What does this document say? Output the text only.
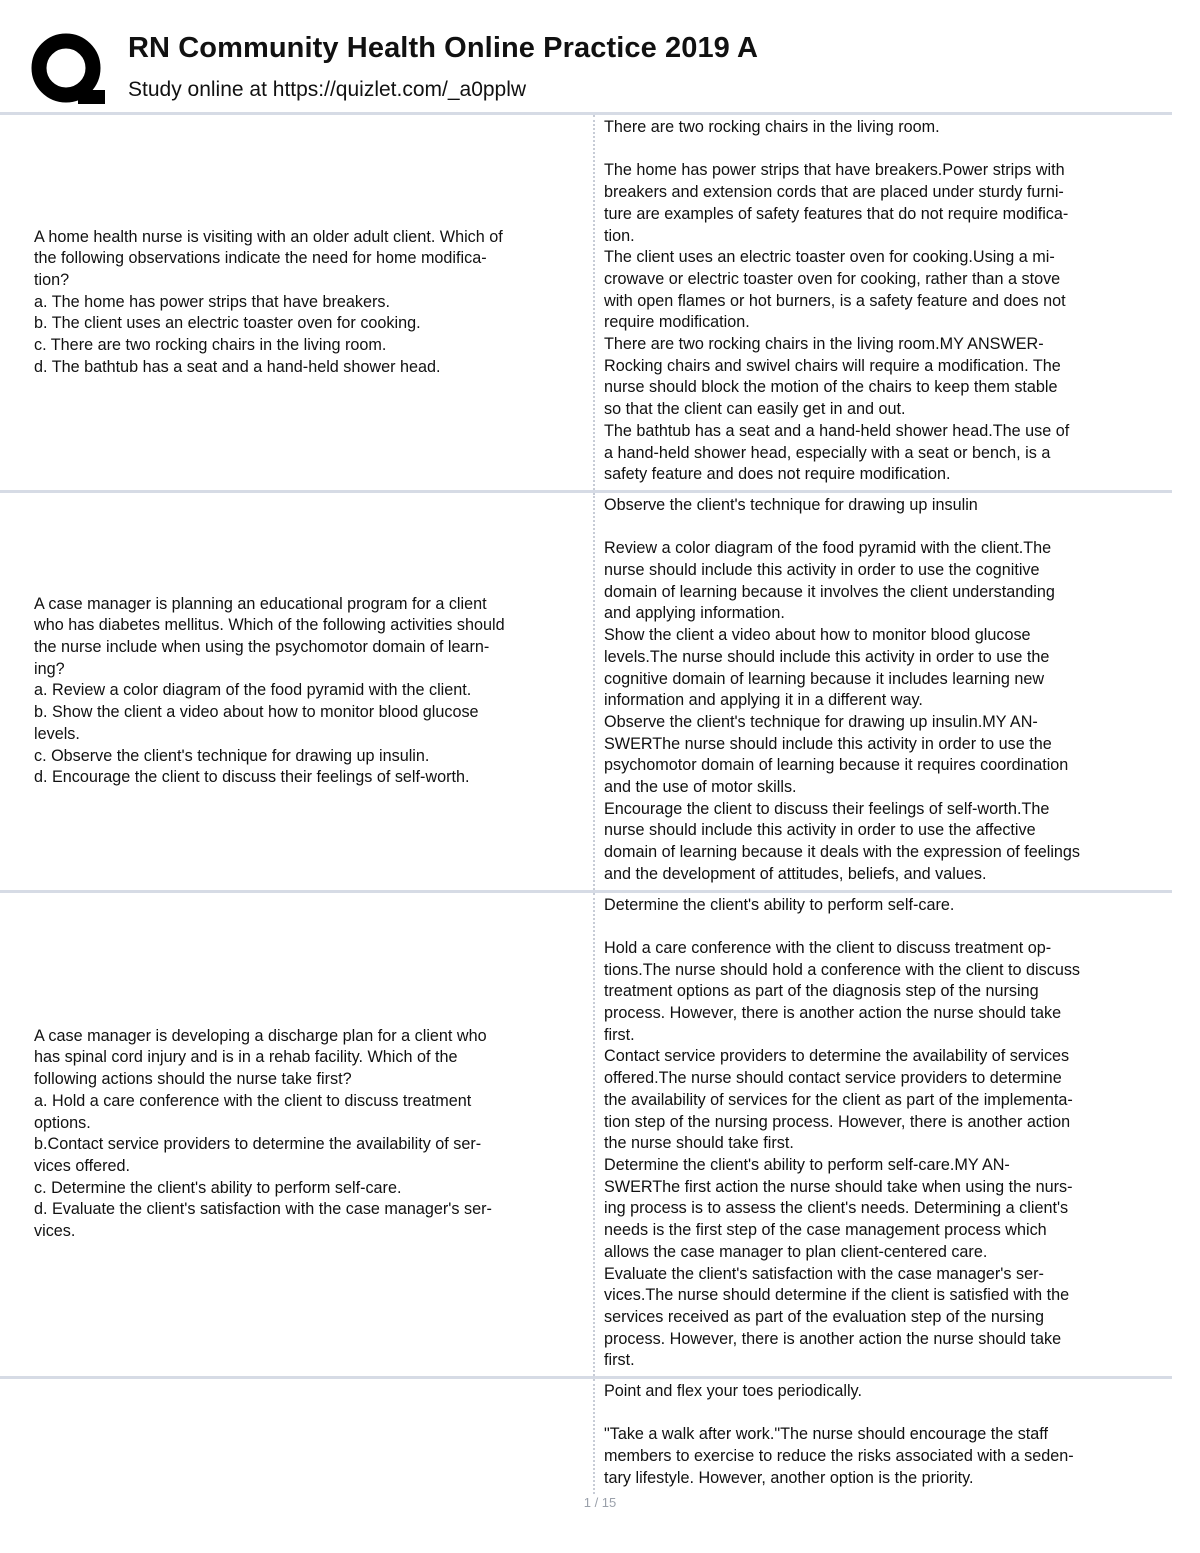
RN Community Health Online Practice 2019 A
Study online at https://quizlet.com/_a0pplw
A home health nurse is visiting with an older adult client. Which of
the following observations indicate the need for home modifica-
tion?
a. The home has power strips that have breakers.
b. The client uses an electric toaster oven for cooking.
c. There are two rocking chairs in the living room.
d. The bathtub has a seat and a hand-held shower head.
There are two rocking chairs in the living room.
The home has power strips that have breakers.Power strips with
breakers and extension cords that are placed under sturdy furni-
ture are examples of safety features that do not require modifica-
tion.
The client uses an electric toaster oven for cooking.Using a mi-
crowave or electric toaster oven for cooking, rather than a stove
with open flames or hot burners, is a safety feature and does not
require modification.
There are two rocking chairs in the living room.MY ANSWER-
Rocking chairs and swivel chairs will require a modification. The
nurse should block the motion of the chairs to keep them stable
so that the client can easily get in and out.
The bathtub has a seat and a hand-held shower head.The use of
a hand-held shower head, especially with a seat or bench, is a
safety feature and does not require modification.
A case manager is planning an educational program for a client
who has diabetes mellitus. Which of the following activities should
the nurse include when using the psychomotor domain of learn-
ing?
a. Review a color diagram of the food pyramid with the client.
b. Show the client a video about how to monitor blood glucose
levels.
c. Observe the client's technique for drawing up insulin.
d. Encourage the client to discuss their feelings of self-worth.
Observe the client's technique for drawing up insulin
Review a color diagram of the food pyramid with the client.The
nurse should include this activity in order to use the cognitive
domain of learning because it involves the client understanding
and applying information.
Show the client a video about how to monitor blood glucose
levels.The nurse should include this activity in order to use the
cognitive domain of learning because it includes learning new
information and applying it in a different way.
Observe the client's technique for drawing up insulin.MY AN-
SWERThe nurse should include this activity in order to use the
psychomotor domain of learning because it requires coordination
and the use of motor skills.
Encourage the client to discuss their feelings of self-worth.The
nurse should include this activity in order to use the affective
domain of learning because it deals with the expression of feelings
and the development of attitudes, beliefs, and values.
A case manager is developing a discharge plan for a client who
has spinal cord injury and is in a rehab facility. Which of the
following actions should the nurse take first?
a. Hold a care conference with the client to discuss treatment
options.
b.Contact service providers to determine the availability of ser-
vices offered.
c. Determine the client's ability to perform self-care.
d. Evaluate the client's satisfaction with the case manager's ser-
vices.
Determine the client's ability to perform self-care.
Hold a care conference with the client to discuss treatment op-
tions.The nurse should hold a conference with the client to discuss
treatment options as part of the diagnosis step of the nursing
process. However, there is another action the nurse should take
first.
Contact service providers to determine the availability of services
offered.The nurse should contact service providers to determine
the availability of services for the client as part of the implementa-
tion step of the nursing process. However, there is another action
the nurse should take first.
Determine the client's ability to perform self-care.MY AN-
SWERThe first action the nurse should take when using the nurs-
ing process is to assess the client's needs. Determining a client's
needs is the first step of the case management process which
allows the case manager to plan client-centered care.
Evaluate the client's satisfaction with the case manager's ser-
vices.The nurse should determine if the client is satisfied with the
services received as part of the evaluation step of the nursing
process. However, there is another action the nurse should take
first.
Point and flex your toes periodically.
"Take a walk after work."The nurse should encourage the staff
members to exercise to reduce the risks associated with a seden-
tary lifestyle. However, another option is the priority.
1 / 15
